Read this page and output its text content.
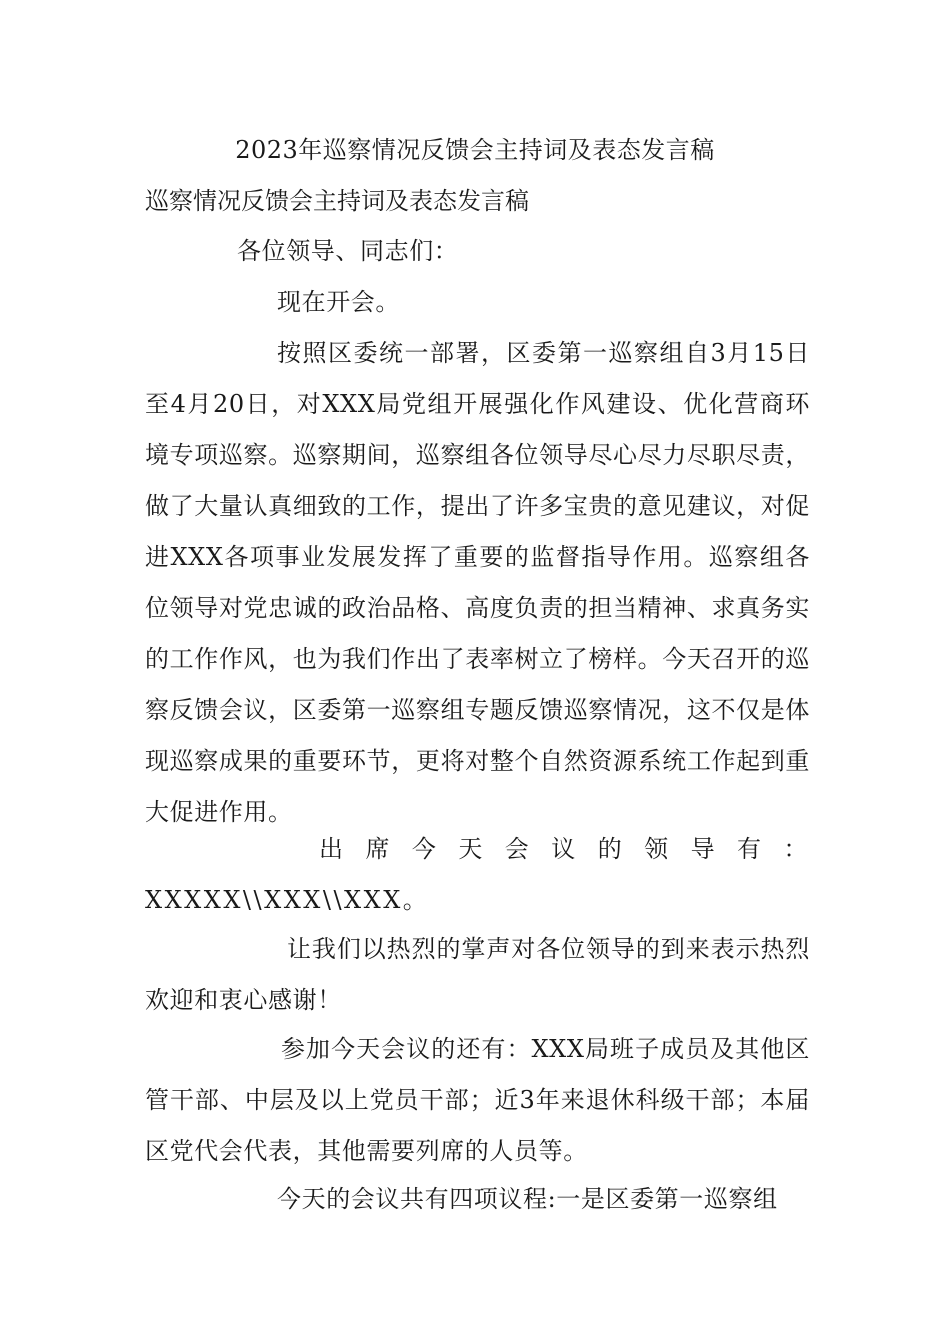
2023年巡察情况反馈会主持词及表态发言稿
巡察情况反馈会主持词及表态发言稿

各位领导、同志们：

现在开会。

按照区委统一部署，区委第一巡察组自3月15日至4月20日，对XXX局党组开展强化作风建设、优化营商环境专项巡察。巡察期间，巡察组各位领导尽心尽力尽职尽责，做了大量认真细致的工作，提出了许多宝贵的意见建议，对促进XXX各项事业发展发挥了重要的监督指导作用。巡察组各位领导对党忠诚的政治品格、高度负责的担当精神、求真务实的工作作风，也为我们作出了表率树立了榜样。今天召开的巡察反馈会议，区委第一巡察组专题反馈巡察情况，这不仅是体现巡察成果的重要环节，更将对整个自然资源系统工作起到重大促进作用。

出席今天会议的领导有：XXXXX\\XXX\\XXX。

让我们以热烈的掌声对各位领导的到来表示热烈欢迎和衷心感谢！

参加今天会议的还有：XXX局班子成员及其他区管干部、中层及以上党员干部；近3年来退休科级干部；本届区党代会代表，其他需要列席的人员等。

今天的会议共有四项议程:一是区委第一巡察组
